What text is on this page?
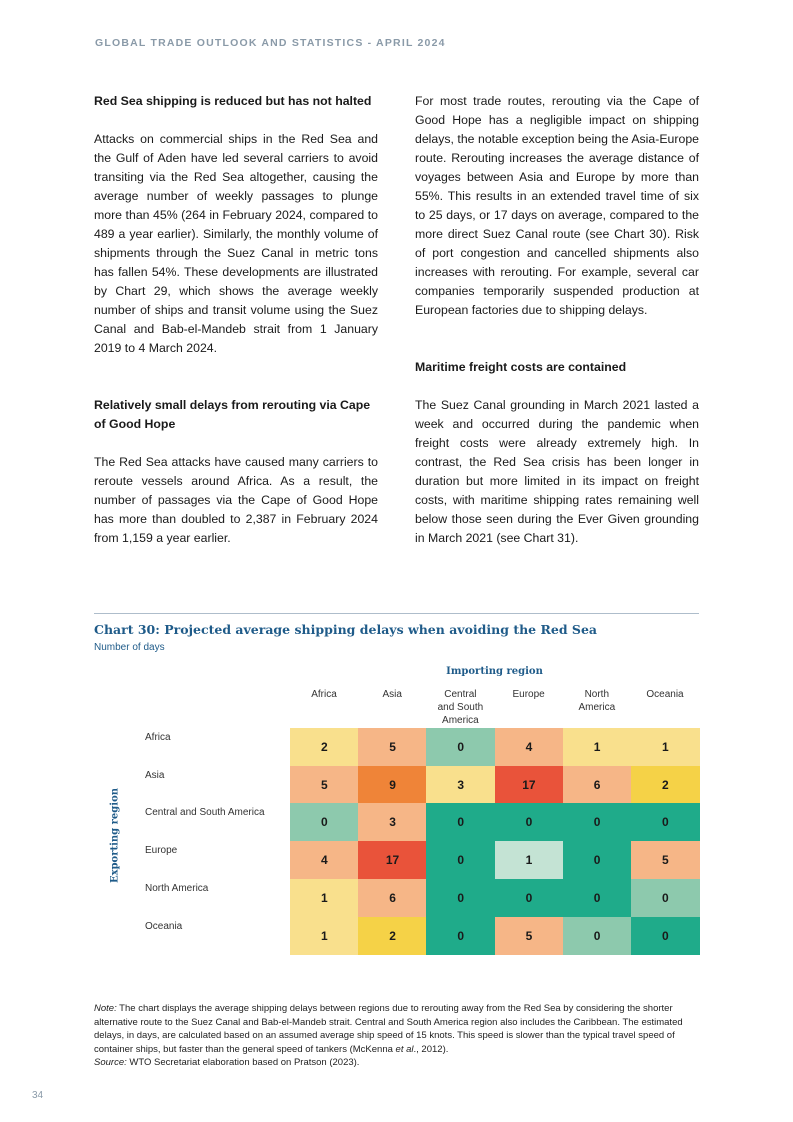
GLOBAL TRADE OUTLOOK AND STATISTICS - APRIL 2024
Red Sea shipping is reduced but has not halted

Attacks on commercial ships in the Red Sea and the Gulf of Aden have led several carriers to avoid transiting via the Red Sea altogether, causing the average number of weekly passages to plunge more than 45% (264 in February 2024, compared to 489 a year earlier). Similarly, the monthly volume of shipments through the Suez Canal in metric tons has fallen 54%. These developments are illustrated by Chart 29, which shows the average weekly number of ships and transit volume using the Suez Canal and Bab-el-Mandeb strait from 1 January 2019 to 4 March 2024.

Relatively small delays from rerouting via Cape of Good Hope

The Red Sea attacks have caused many carriers to reroute vessels around Africa. As a result, the number of passages via the Cape of Good Hope has more than doubled to 2,387 in February 2024 from 1,159 a year earlier.

For most trade routes, rerouting via the Cape of Good Hope has a negligible impact on shipping delays, the notable exception being the Asia-Europe route. Rerouting increases the average distance of voyages between Asia and Europe by more than 55%. This results in an extended travel time of six to 25 days, or 17 days on average, compared to the more direct Suez Canal route (see Chart 30). Risk of port congestion and cancelled shipments also increases with rerouting. For example, several car companies temporarily suspended production at European factories due to shipping delays.

Maritime freight costs are contained

The Suez Canal grounding in March 2021 lasted a week and occurred during the pandemic when freight costs were already extremely high. In contrast, the Red Sea crisis has been longer in duration but more limited in its impact on freight costs, with maritime shipping rates remaining well below those seen during the Ever Given grounding in March 2021 (see Chart 31).

Chart 30: Projected average shipping delays when avoiding the Red Sea
Number of days
Importing region
Exporting region
Africa	Asia	Central
and South
America
Europe	North
America
Oceania
Africa
2	5	0	4	1	1
Asia
5	9	3	17	6	2
Central and South America
0	3	0	0	0	0
Europe
4	17	0	1	0	5
North America
1	6	0	0	0	0
Oceania
1	2	0	5	0	0

Note: The chart displays the average shipping delays between regions due to rerouting away from the Red Sea by considering the shorter alternative route to the Suez Canal and Bab-el-Mandeb strait. Central and South America region also includes the Caribbean. The estimated delays, in days, are calculated based on an assumed average ship speed of 15 knots. This speed is slower than the typical travel speed of container ships, but faster than the general speed of tankers (McKenna et al., 2012).

Source: WTO Secretariat elaboration based on Pratson (2023).

34
